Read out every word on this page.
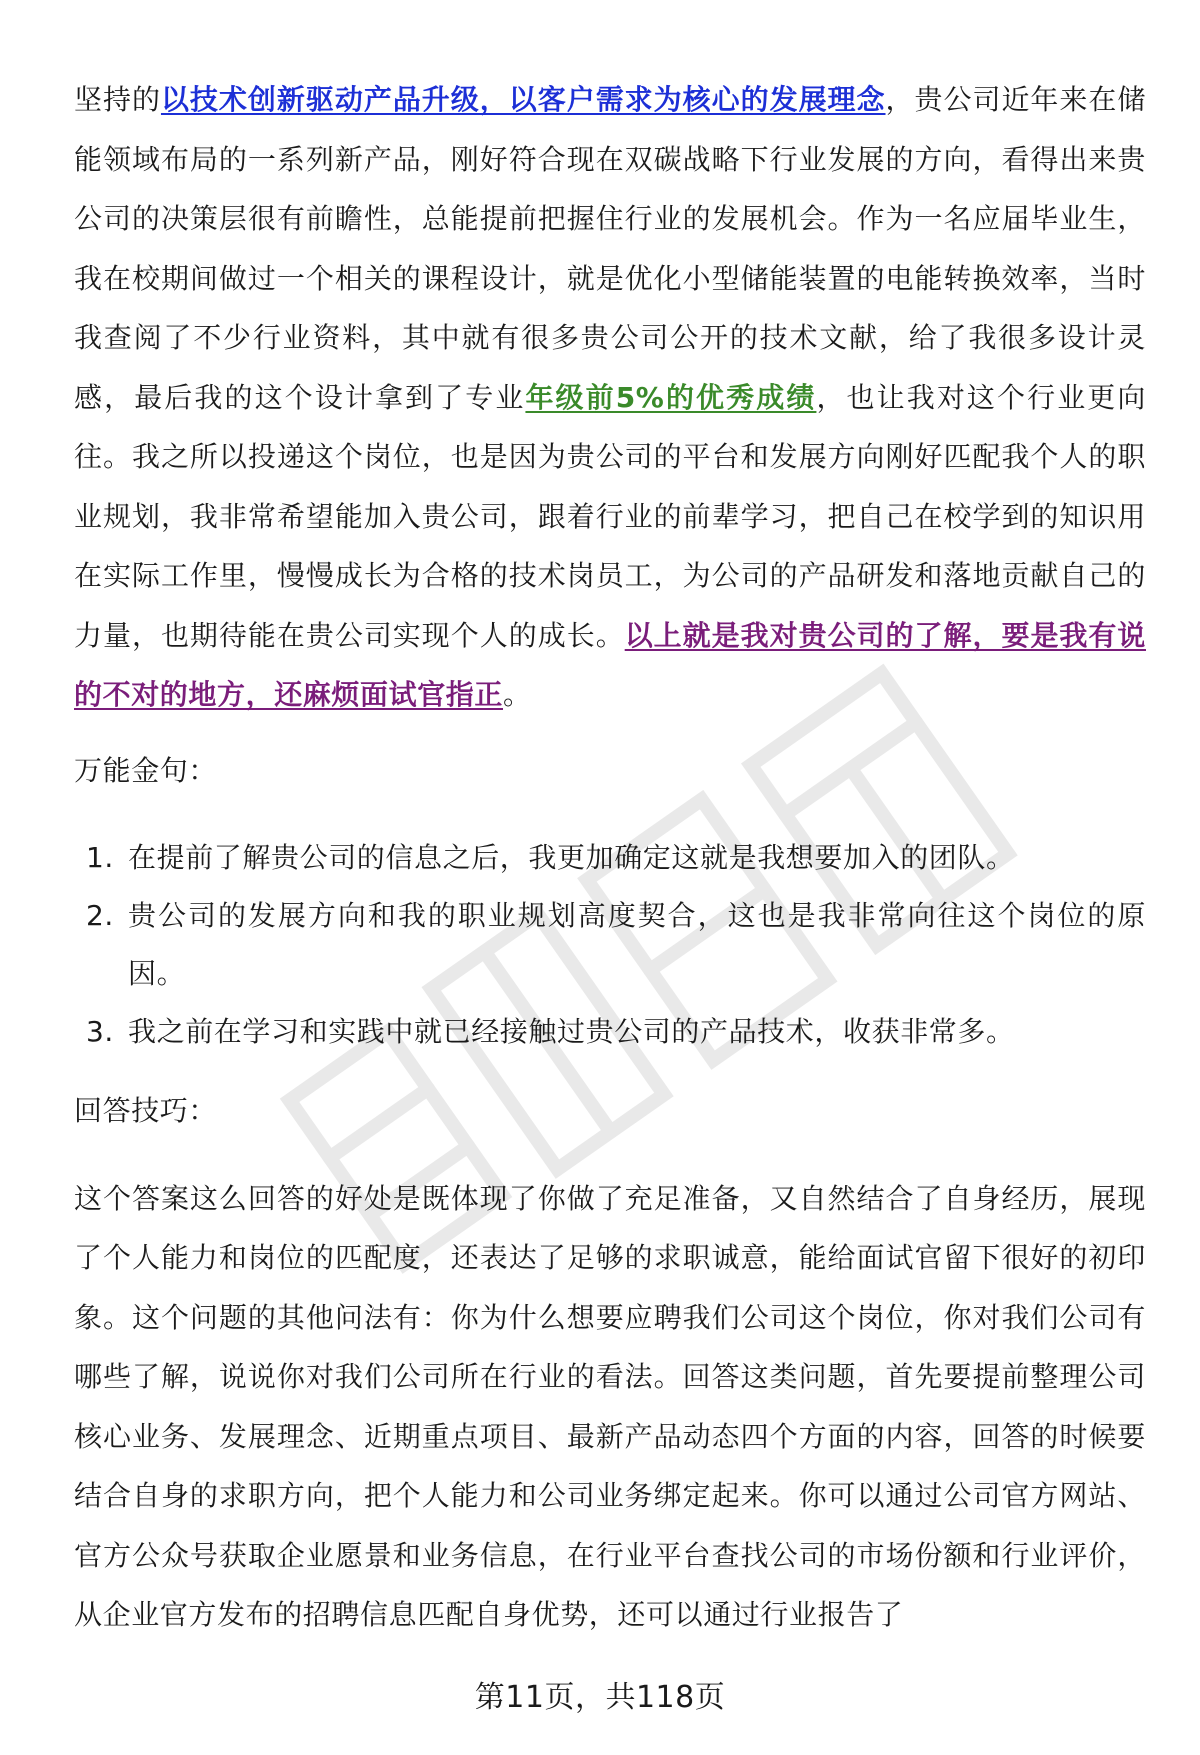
坚持的以技术创新驱动产品升级，以客户需求为核心的发展理念，贵公司近年来在储能领域布局的一系列新产品，刚好符合现在双碳战略下行业发展的方向，看得出来贵公司的决策层很有前瞻性，总能提前把握住行业的发展机会。作为一名应届毕业生，我在校期间做过一个相关的课程设计，就是优化小型储能装置的电能转换效率，当时我查阅了不少行业资料，其中就有很多贵公司公开的技术文献，给了我很多设计灵感，最后我的这个设计拿到了专业年级前5%的优秀成绩，也让我对这个行业更向往。我之所以投递这个岗位，也是因为贵公司的平台和发展方向刚好匹配我个人的职业规划，我非常希望能加入贵公司，跟着行业的前辈学习，把自己在校学到的知识用在实际工作里，慢慢成长为合格的技术岗员工，为公司的产品研发和落地贡献自己的力量，也期待能在贵公司实现个人的成长。以上就是我对贵公司的了解，要是我有说的不对的地方，还麻烦面试官指正。

万能金句：

1. 在提前了解贵公司的信息之后，我更加确定这就是我想要加入的团队。
2. 贵公司的发展方向和我的职业规划高度契合，这也是我非常向往这个岗位的原因。
3. 我之前在学习和实践中就已经接触过贵公司的产品技术，收获非常多。

回答技巧：

这个答案这么回答的好处是既体现了你做了充足准备，又自然结合了自身经历，展现了个人能力和岗位的匹配度，还表达了足够的求职诚意，能给面试官留下很好的初印象。这个问题的其他问法有：你为什么想要应聘我们公司这个岗位，你对我们公司有哪些了解，说说你对我们公司所在行业的看法。回答这类问题，首先要提前整理公司核心业务、发展理念、近期重点项目、最新产品动态四个方面的内容，回答的时候要结合自身的求职方向，把个人能力和公司业务绑定起来。你可以通过公司官方网站、官方公众号获取企业愿景和业务信息，在行业平台查找公司的市场份额和行业评价，从企业官方发布的招聘信息匹配自身优势，还可以通过行业报告了

第11页，共118页
